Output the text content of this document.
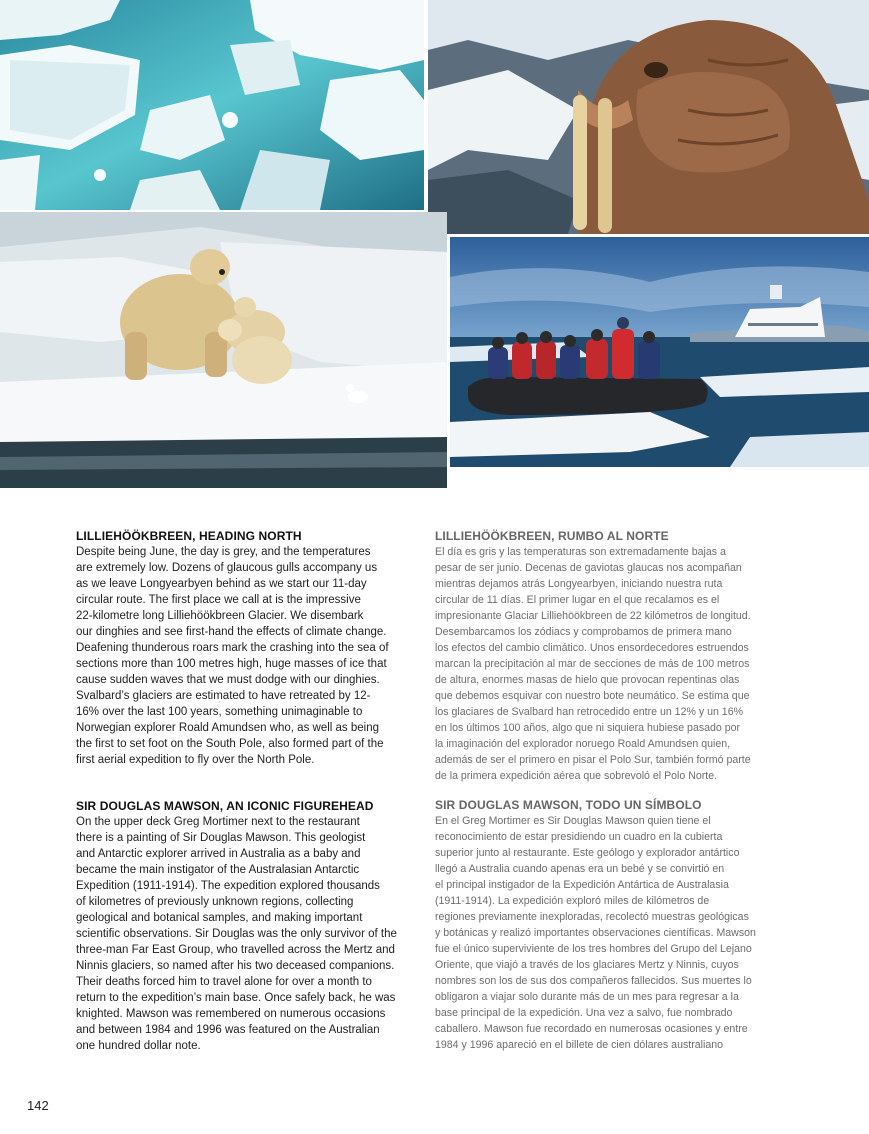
LILLIEHÖÖKBREEN, HEADING NORTH

Despite being June, the day is grey, and the temperatures
are extremely low. Dozens of glaucous gulls accompany us
as we leave Longyearbyen behind as we start our 11-day
circular route. The first place we call at is the impressive
22-kilometre long Lilliehöökbreen Glacier. We disembark
our dinghies and see first-hand the effects of climate change.
Deafening thunderous roars mark the crashing into the sea of
sections more than 100 metres high, huge masses of ice that
cause sudden waves that we must dodge with our dinghies.
Svalbard’s glaciers are estimated to have retreated by 12-
16% over the last 100 years, something unimaginable to
Norwegian explorer Roald Amundsen who, as well as being
the first to set foot on the South Pole, also formed part of the
first aerial expedition to fly over the North Pole.

SIR DOUGLAS MAWSON, AN ICONIC FIGUREHEAD

On the upper deck Greg Mortimer next to the restaurant
there is a painting of Sir Douglas Mawson. This geologist
and Antarctic explorer arrived in Australia as a baby and
became the main instigator of the Australasian Antarctic
Expedition (1911-1914). The expedition explored thousands
of kilometres of previously unknown regions, collecting
geological and botanical samples, and making important
scientific observations. Sir Douglas was the only survivor of the
three-man Far East Group, who travelled across the Mertz and
Ninnis glaciers, so named after his two deceased companions.
Their deaths forced him to travel alone for over a month to
return to the expedition’s main base. Once safely back, he was
knighted. Mawson was remembered on numerous occasions
and between 1984 and 1996 was featured on the Australian
one hundred dollar note.

LILLIEHÖÖKBREEN, RUMBO AL NORTE

El día es gris y las temperaturas son extremadamente bajas a
pesar de ser junio. Decenas de gaviotas glaucas nos acompañan
mientras dejamos atrás Longyearbyen, iniciando nuestra ruta
circular de 11 días. El primer lugar en el que recalamos es el
impresionante Glaciar Lilliehöökbreen de 22 kilómetros de longitud.
Desembarcamos los zódiacs y comprobamos de primera mano
los efectos del cambio climático. Unos ensordecedores estruendos
marcan la precipitación al mar de secciones de más de 100 metros
de altura, enormes masas de hielo que provocan repentinas olas
que debemos esquivar con nuestro bote neumático. Se estima que
los glaciares de Svalbard han retrocedido entre un 12% y un 16%
en los últimos 100 años, algo que ni siquiera hubiese pasado por
la imaginación del explorador noruego Roald Amundsen quien,
además de ser el primero en pisar el Polo Sur, también formó parte
de la primera expedición aérea que sobrevoló el Polo Norte.

SIR DOUGLAS MAWSON, TODO UN SÍMBOLO

En el Greg Mortimer es Sir Douglas Mawson quien tiene el
reconocimiento de estar presidiendo un cuadro en la cubierta
superior junto al restaurante. Este geólogo y explorador antártico
llegó a Australia cuando apenas era un bebé y se convirtió en
el principal instigador de la Expedición Antártica de Australasia
(1911-1914). La expedición exploró miles de kilómetros de
regiones previamente inexploradas, recolectó muestras geológicas
y botánicas y realizó importantes observaciones científicas. Mawson
fue el único superviviente de los tres hombres del Grupo del Lejano
Oriente, que viajó a través de los glaciares Mertz y Ninnis, cuyos
nombres son los de sus dos compañeros fallecidos. Sus muertes lo
obligaron a viajar solo durante más de un mes para regresar a la
base principal de la expedición. Una vez a salvo, fue nombrado
caballero. Mawson fue recordado en numerosas ocasiones y entre
1984 y 1996 apareció en el billete de cien dólares australiano

142
